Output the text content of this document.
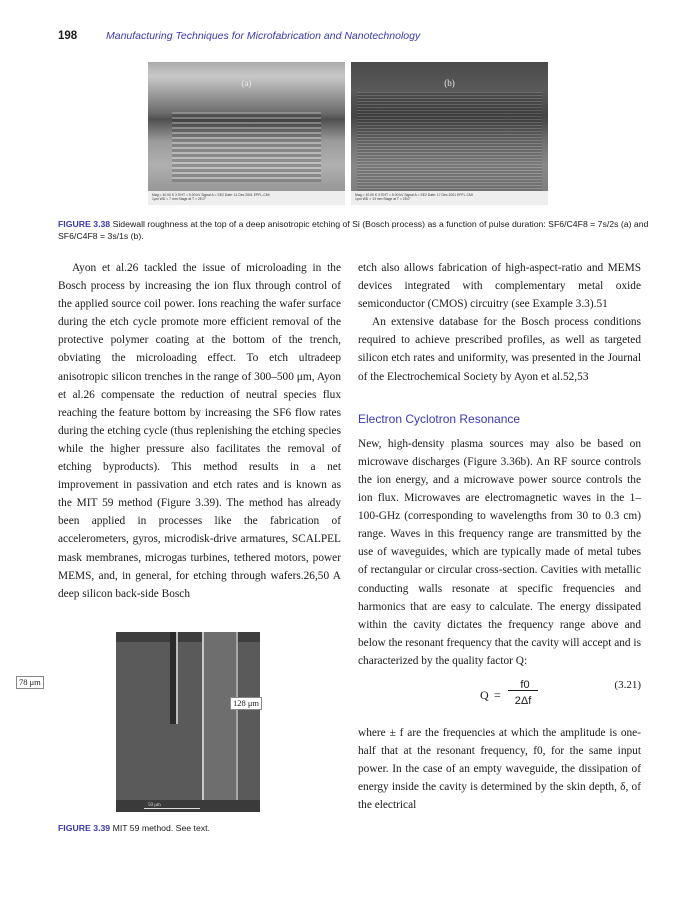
198	Manufacturing Techniques for Microfabrication and Nanotechnology
(a)
Mag = 40.00 K X EHT = 5.00 kV Signal A = SE2 Date: 11 Dec 2001 EPFL-CMI
1μm WD = 7 mm Stage at T = 25.0°
(b)
Mag = 10.00 K X EHT = 5.00 kV Signal A = SE2 Date: 17 Dec 2001 EPFL-CMI
1μm WD = 13 mm Stage at T = 25.0°
FIGURE 3.38 Sidewall roughness at the top of a deep anisotropic etching of Si (Bosch process) as a function of pulse duration: SF6/C4F8 = 7s/2s (a) and SF6/C4F8 = 3s/1s (b).

Ayon et al.26 tackled the issue of microloading in the Bosch process by increasing the ion flux through control of the applied source coil power. Ions reaching the wafer surface during the etch cycle promote more efficient removal of the protective polymer coating at the bottom of the trench, obviating the microloading effect. To etch ultradeep anisotropic silicon trenches in the range of 300–500 μm, Ayon et al.26 compensate the reduction of neutral species flux reaching the feature bottom by increasing the SF6 flow rates during the etching cycle (thus replenishing the etching species while the higher pressure also facilitates the removal of etching byproducts). This method results in a net improvement in passivation and etch rates and is known as the MIT 59 method (Figure 3.39). The method has already been applied in processes like the fabrication of accelerometers, gyros, microdisk-drive armatures, SCALPEL mask membranes, microgas turbines, tethered motors, power MEMS, and, in general, for etching through wafers.26,50 A deep silicon back-side Bosch

50 μm
78 μm
128 μm
FIGURE 3.39 MIT 59 method. See text.

etch also allows fabrication of high-aspect-ratio and MEMS devices integrated with complementary metal oxide semiconductor (CMOS) circuitry (see Example 3.3).51

An extensive database for the Bosch process conditions required to achieve prescribed profiles, as well as targeted silicon etch rates and uniformity, was presented in the Journal of the Electrochemical Society by Ayon et al.52,53

Electron Cyclotron Resonance

New, high-density plasma sources may also be based on microwave discharges (Figure 3.36b). An RF source controls the ion energy, and a microwave power source controls the ion flux. Microwaves are electromagnetic waves in the 1–100-GHz (corresponding to wavelengths from 30 to 0.3 cm) range. Waves in this frequency range are transmitted by the use of waveguides, which are typically made of metal tubes of rectangular or circular cross-section. Cavities with metallic conducting walls resonate at specific frequencies and harmonics that are easy to calculate. The energy dissipated within the cavity dictates the frequency range above and below the resonant frequency that the cavity will accept and is characterized by the quality factor Q:

Q =
f0
2Δf
(3.21)

where ± f are the frequencies at which the amplitude is one-half that at the resonant frequency, f0, for the same input power. In the case of an empty waveguide, the dissipation of energy inside the cavity is determined by the skin depth, δ, of the electrical
